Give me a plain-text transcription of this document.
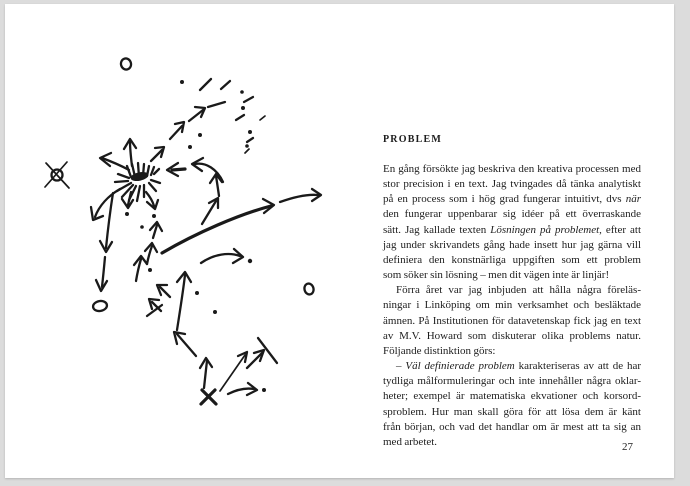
PROBLEM
En gång försökte jag beskriva den kreativa processen med
stor precision i en text. Jag tvingades då tänka analytiskt
på en process som i hög grad fungerar intuitivt, dvs när
den fungerar uppenbarar sig idéer på ett överraskande
sätt. Jag kallade texten Lösningen på problemet, efter att
jag under skrivandets gång hade insett hur jag gärna vill
definiera den konstnärliga uppgiften som ett problem
som söker sin lösning – men dit vägen inte är linjär!
Förra året var jag inbjuden att hålla några föreläs-
ningar i Linköping om min verksamhet och besläktade
ämnen. På Institutionen för datavetenskap fick jag en text
av M.V. Howard som diskuterar olika problems natur.
Följande distinktion görs:
– Väl definierade problem karakteriseras av att de har
tydliga målformuleringar och inte innehåller några oklar-
heter; exempel är matematiska ekvationer och korsord-
sproblem. Hur man skall göra för att lösa dem är känt
från början, och vad det handlar om är mest att ta sig an
med arbetet.	27
